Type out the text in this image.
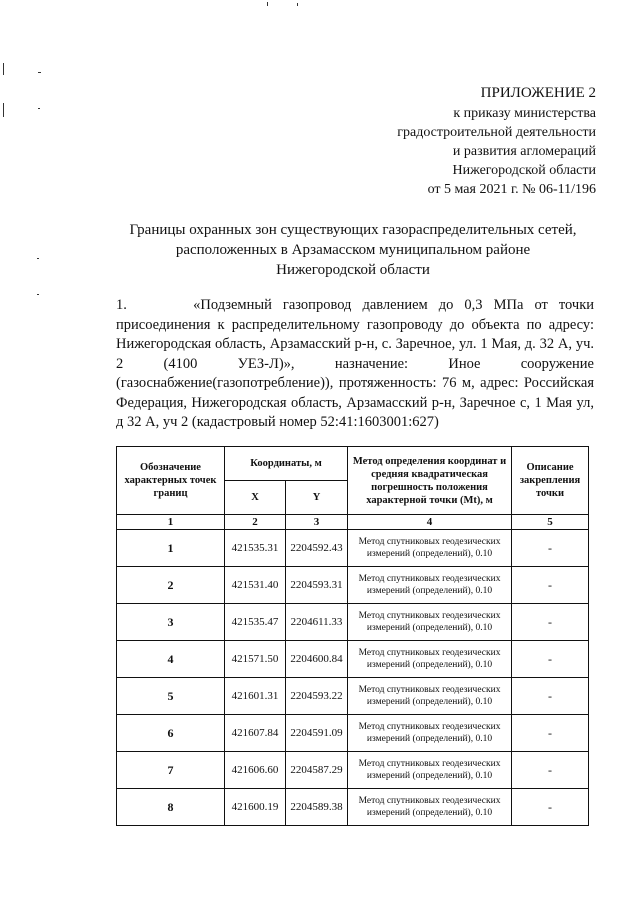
ПРИЛОЖЕНИЕ 2
к приказу министерства
градостроительной деятельности
и развития агломераций
Нижегородской области
от 5 мая 2021 г. № 06-11/196
Границы охранных зон существующих газораспределительных сетей,
расположенных в Арзамасском муниципальном районе
Нижегородской области
1.	«Подземный газопровод давлением до 0,3 МПа от точки присоединения к распределительному газопроводу до объекта по адресу: Нижегородская область, Арзамасский р-н, с. Заречное, ул. 1 Мая, д. 32 А, уч. 2 (4100 УЕЗ-Л)», назначение: Иное сооружение (газоснабжение(газопотребление)), протяженность: 76 м, адрес: Российская Федерация, Нижегородская область, Арзамасский р-н, Заречное с, 1 Мая ул, д 32 А, уч 2 (кадастровый номер 52:41:1603001:627)
Обозначение характерных точек границ	Координаты, м		Метод определения координат и средняя квадратическая погрешность положения характерной точки (Mt), м	Описание закрепления точки
	X	Y		
1	2	3	4	5
1	421535.31	2204592.43	Метод спутниковых геодезических измерений (определений), 0.10	-
2	421531.40	2204593.31	Метод спутниковых геодезических измерений (определений), 0.10	-
3	421535.47	2204611.33	Метод спутниковых геодезических измерений (определений), 0.10	-
4	421571.50	2204600.84	Метод спутниковых геодезических измерений (определений), 0.10	-
5	421601.31	2204593.22	Метод спутниковых геодезических измерений (определений), 0.10	-
6	421607.84	2204591.09	Метод спутниковых геодезических измерений (определений), 0.10	-
7	421606.60	2204587.29	Метод спутниковых геодезических измерений (определений), 0.10	-
8	421600.19	2204589.38	Метод спутниковых геодезических измерений (определений), 0.10	-
